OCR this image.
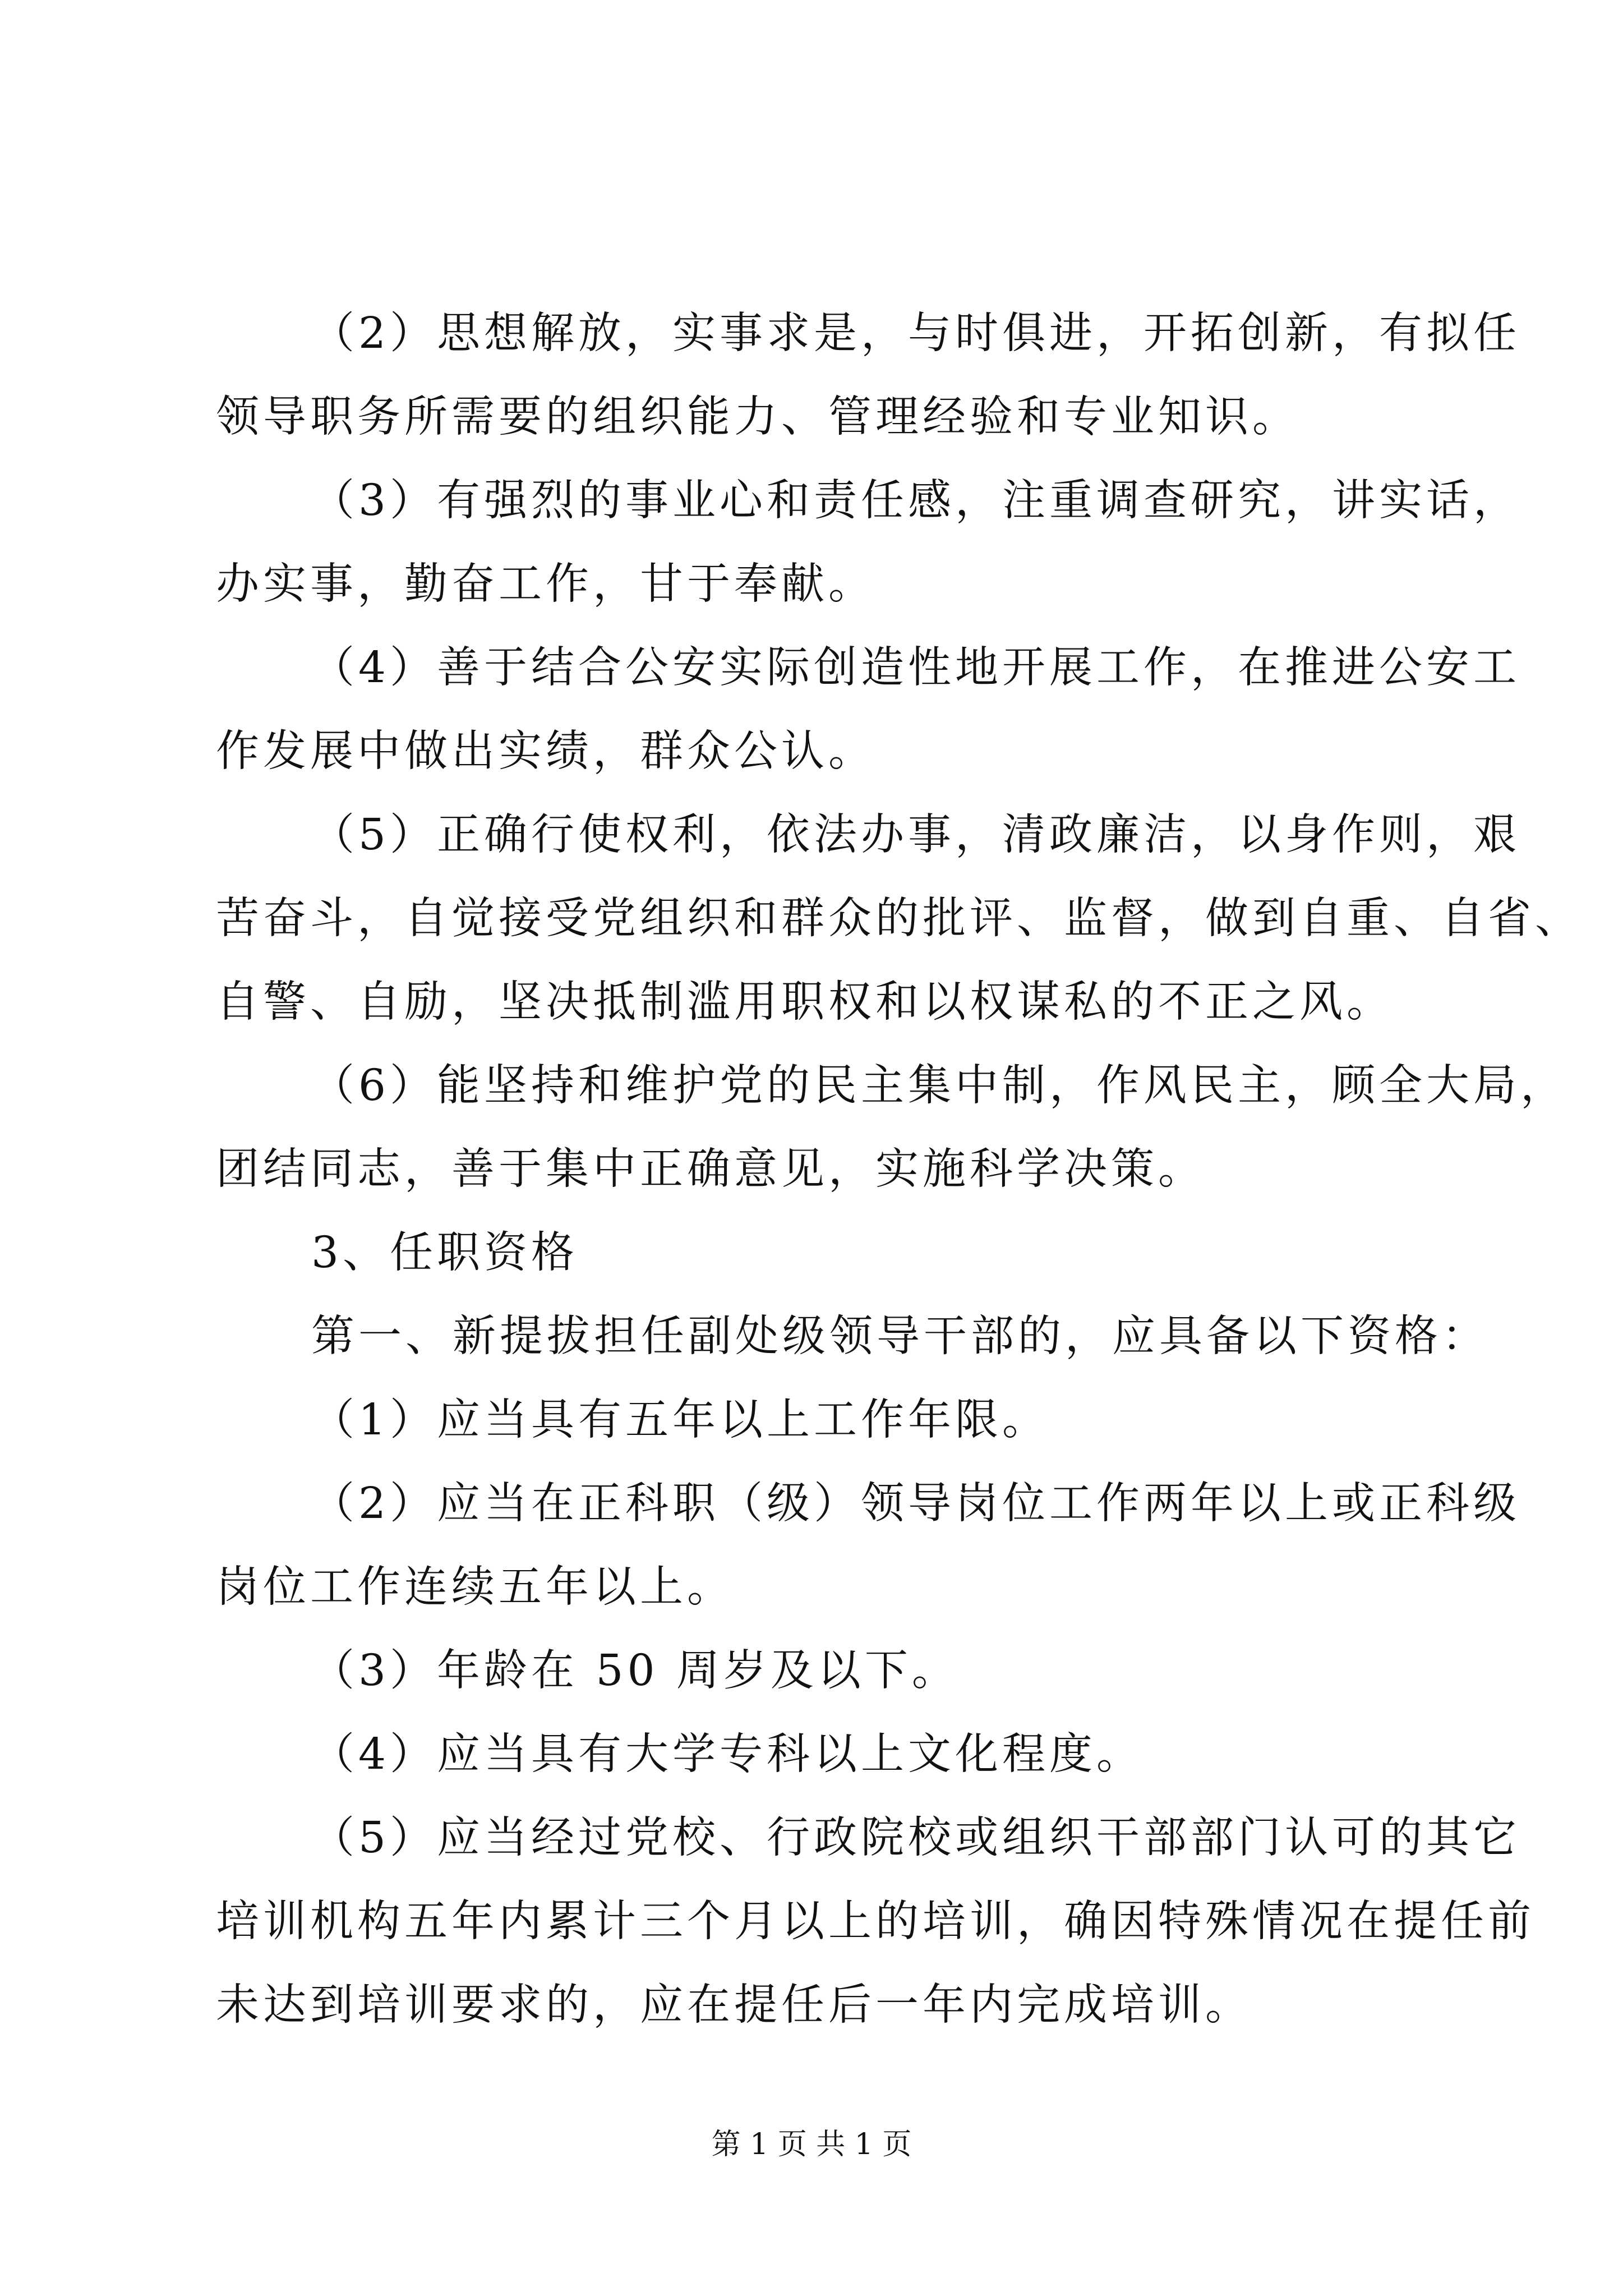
（2）思想解放，实事求是，与时俱进，开拓创新，有拟任
领导职务所需要的组织能力、管理经验和专业知识。
（3）有强烈的事业心和责任感，注重调查研究，讲实话，
办实事，勤奋工作，甘于奉献。
（4）善于结合公安实际创造性地开展工作，在推进公安工
作发展中做出实绩，群众公认。
（5）正确行使权利，依法办事，清政廉洁，以身作则，艰
苦奋斗，自觉接受党组织和群众的批评、监督，做到自重、自省、
自警、自励，坚决抵制滥用职权和以权谋私的不正之风。
（6）能坚持和维护党的民主集中制，作风民主，顾全大局，
团结同志，善于集中正确意见，实施科学决策。
3、任职资格
第一、新提拔担任副处级领导干部的，应具备以下资格：
（1）应当具有五年以上工作年限。
（2）应当在正科职（级）领导岗位工作两年以上或正科级
岗位工作连续五年以上。
（3）年龄在 50 周岁及以下。
（4）应当具有大学专科以上文化程度。
（5）应当经过党校、行政院校或组织干部部门认可的其它
培训机构五年内累计三个月以上的培训，确因特殊情况在提任前
未达到培训要求的，应在提任后一年内完成培训。
第 1 页 共 1 页
